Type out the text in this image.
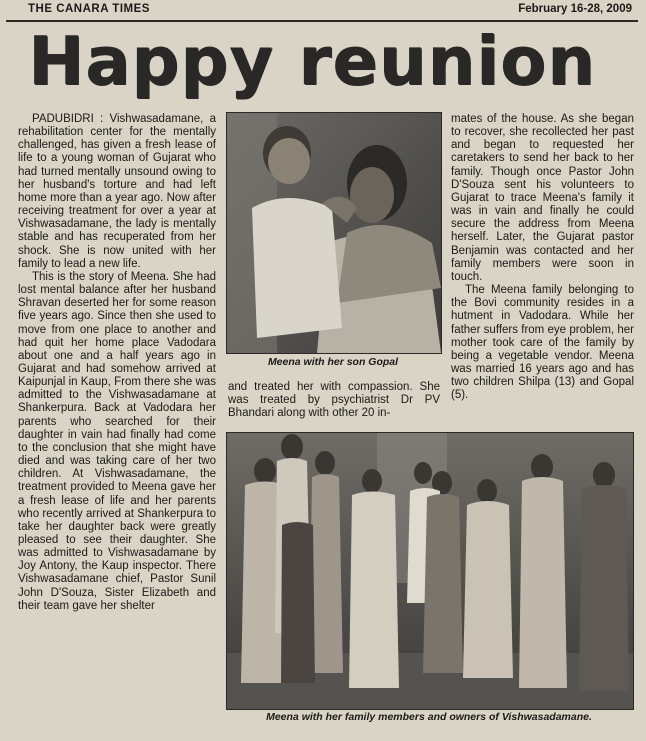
THE CANARA TIMES	February 16-28, 2009
Happy reunion

PADUBIDRI : Vishwasadamane, a rehabilitation center for the mentally challenged, has given a fresh lease of life to a young woman of Gujarat who had turned mentally unsound owing to her husband's torture and had left home more than a year ago. Now after receiving treatment for over a year at Vishwasadamane, the lady is mentally stable and has recuperated from her shock. She is now united with her family to lead a new life.

This is the story of Meena. She had lost mental balance after her husband Shravan deserted her for some reason five years ago. Since then she used to move from one place to another and had quit her home place Vadodara about one and a half years ago in Gujarat and had somehow arrived at Kaipunjal in Kaup, From there she was admitted to the Vishwasadamane at Shankerpura. Back at Vadodara her parents who searched for their daughter in vain had finally had come to the conclusion that she might have died and was taking care of her two children. At Vishwasadamane, the treatment provided to Meena gave her a fresh lease of life and her parents who recently arrived at Shankerpura to take her daughter back were greatly pleased to see their daughter. She was admitted to Vishwasadamane by Joy Antony, the Kaup inspector. There Vishwasadamane chief, Pastor Sunil John D'Souza, Sister Elizabeth and their team gave her shelter

Meena with her son Gopal

and treated her with compassion. She was treated by psychiatrist Dr PV Bhandari along with other 20 in-

mates of the house. As she began to recover, she recollected her past and began to requested her caretakers to send her back to her family. Though once Pastor John D'Souza sent his volunteers to Gujarat to trace Meena's family it was in vain and finally he could secure the address from Meena herself. Later, the Gujarat pastor Benjamin was contacted and her family members were soon in touch.

The Meena family belonging to the Bovi community resides in a hutment in Vadodara. While her father suffers from eye problem, her mother took care of the family by being a vegetable vendor. Meena was married 16 years ago and has two children Shilpa (13) and Gopal (5).

Meena with her family members and owners of Vishwasadamane.
